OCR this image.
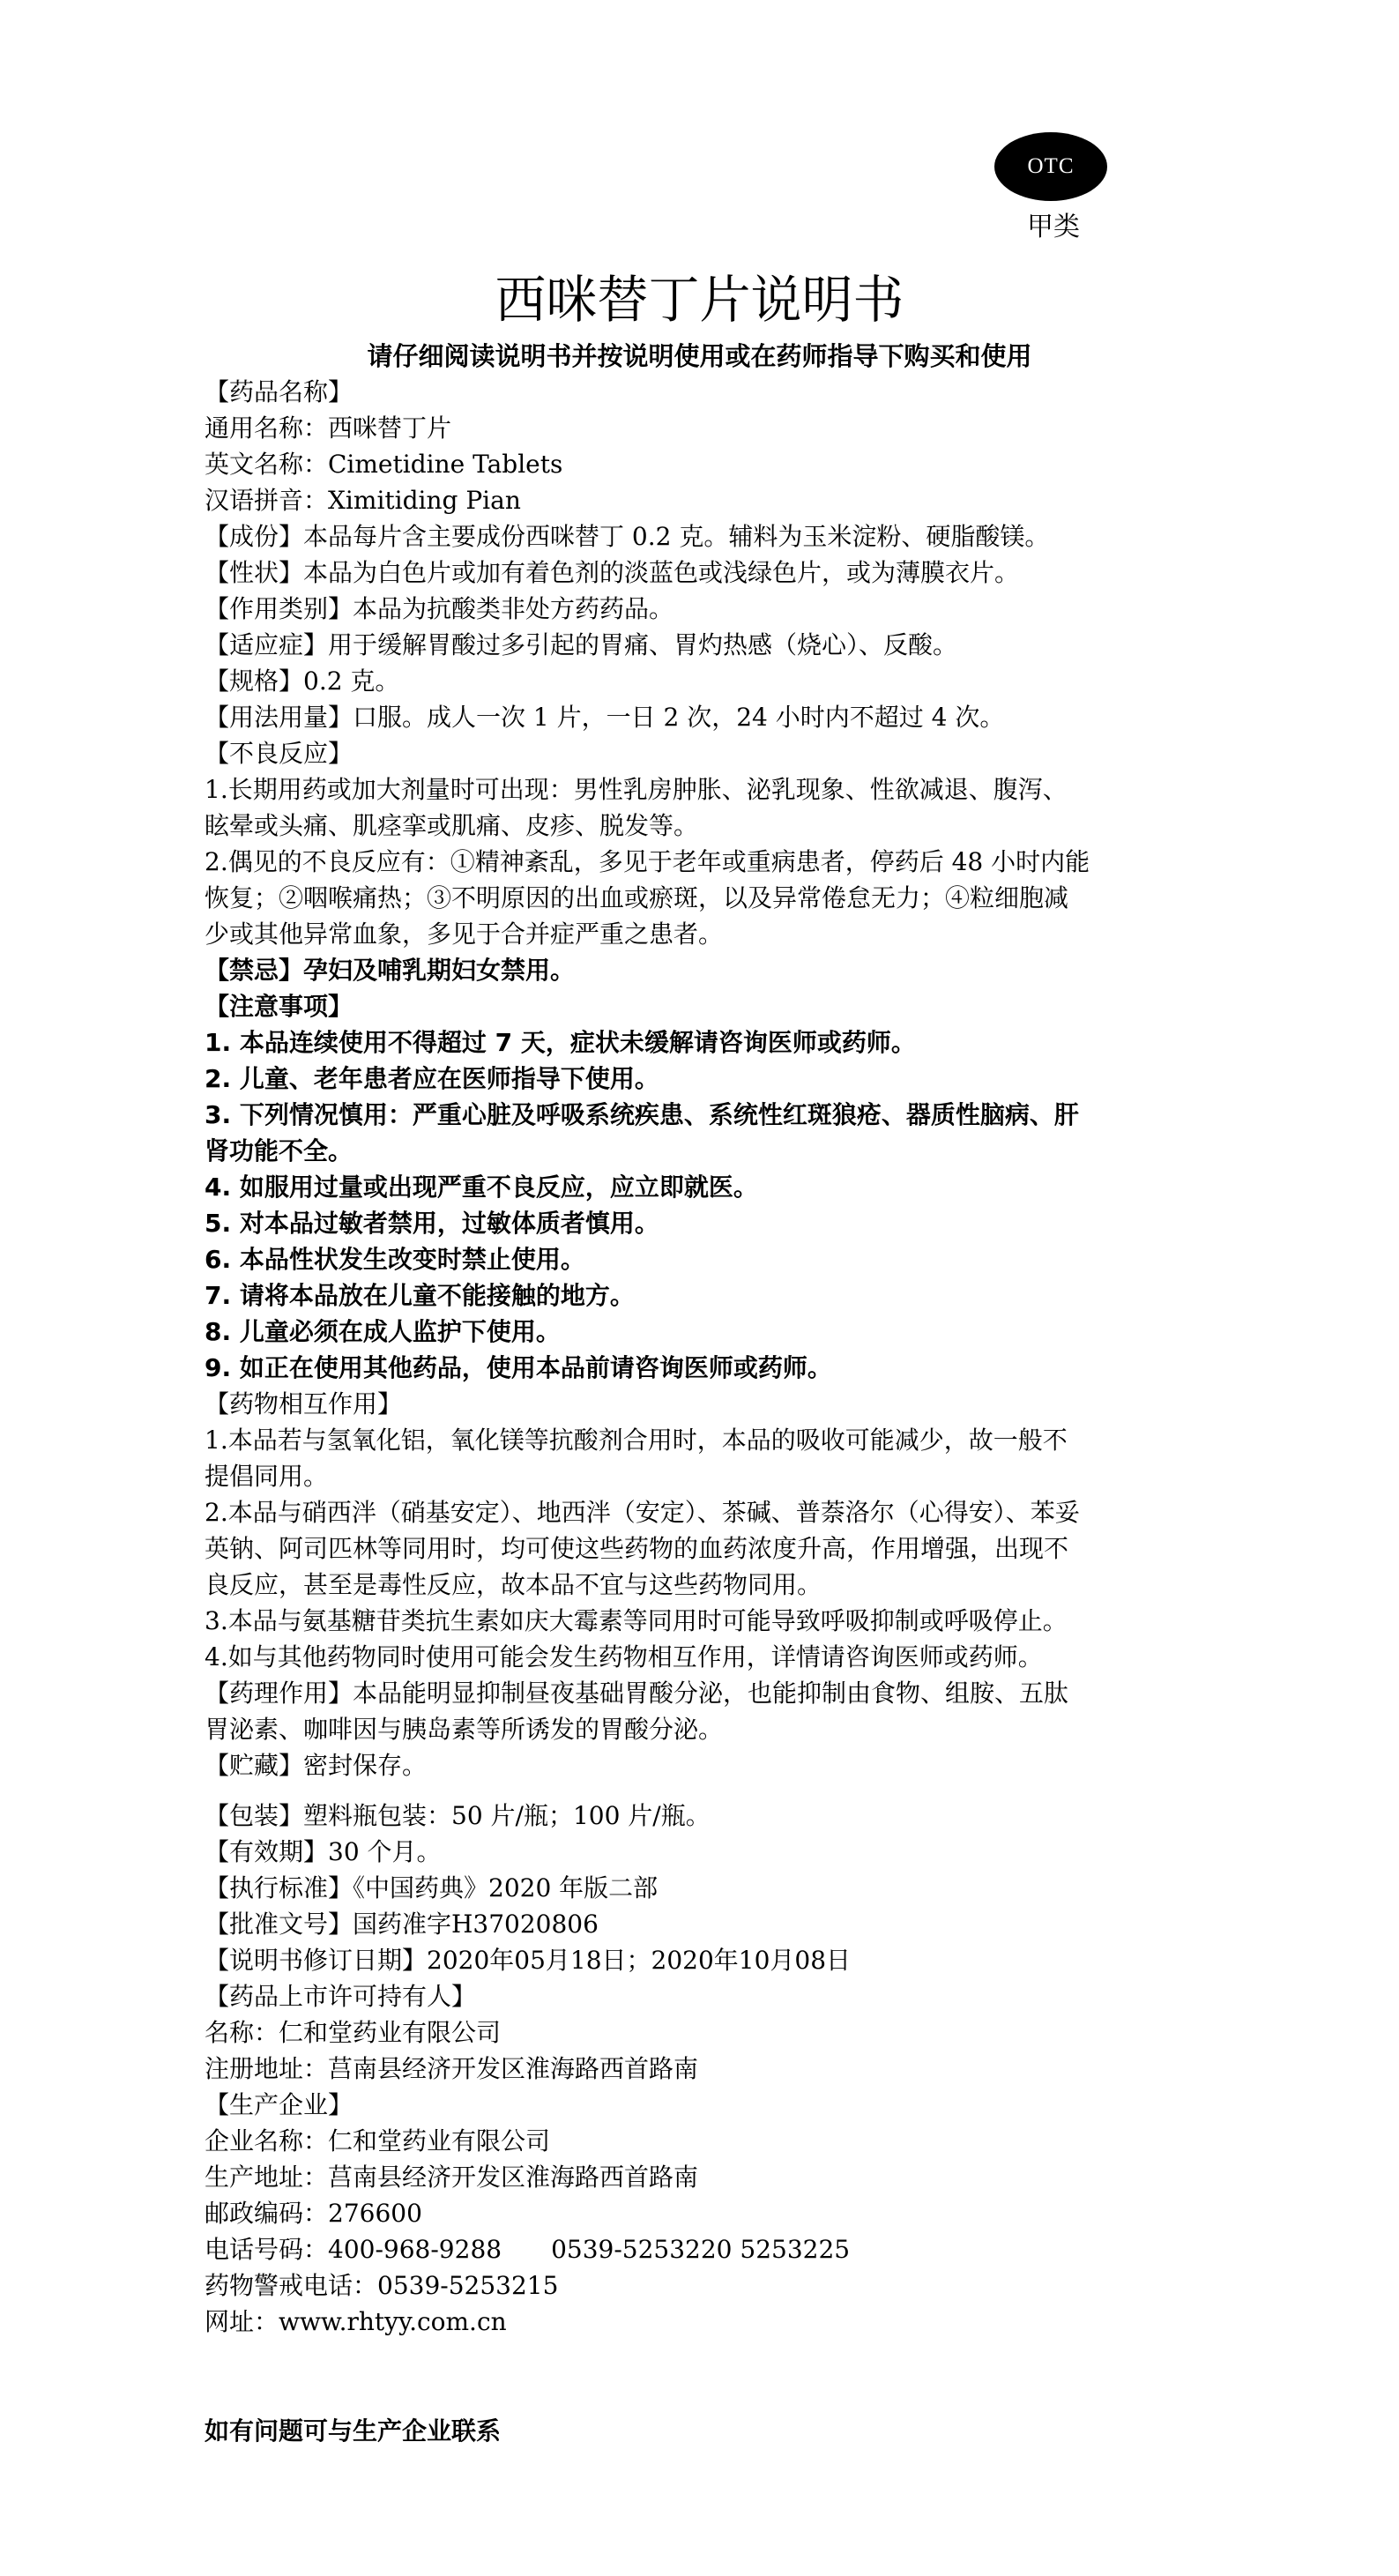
OTC
甲类
西咪替丁片说明书
请仔细阅读说明书并按说明使用或在药师指导下购买和使用

【药品名称】

通用名称：西咪替丁片

英文名称：Cimetidine Tablets

汉语拼音：Ximitiding Pian

【成份】本品每片含主要成份西咪替丁 0.2 克。辅料为玉米淀粉、硬脂酸镁。

【性状】本品为白色片或加有着色剂的淡蓝色或浅绿色片，或为薄膜衣片。

【作用类别】本品为抗酸类非处方药药品。

【适应症】用于缓解胃酸过多引起的胃痛、胃灼热感（烧心）、反酸。

【规格】0.2 克。

【用法用量】口服。成人一次 1 片，一日 2 次，24 小时内不超过 4 次。

【不良反应】

1.长期用药或加大剂量时可出现：男性乳房肿胀、泌乳现象、性欲减退、腹泻、

眩晕或头痛、肌痉挛或肌痛、皮疹、脱发等。

2.偶见的不良反应有：①精神紊乱，多见于老年或重病患者，停药后 48 小时内能

恢复；②咽喉痛热；③不明原因的出血或瘀斑，以及异常倦怠无力；④粒细胞减

少或其他异常血象，多见于合并症严重之患者。

【禁忌】孕妇及哺乳期妇女禁用。

【注意事项】

1. 本品连续使用不得超过 7 天，症状未缓解请咨询医师或药师。

2. 儿童、老年患者应在医师指导下使用。

3. 下列情况慎用：严重心脏及呼吸系统疾患、系统性红斑狼疮、器质性脑病、肝

肾功能不全。

4. 如服用过量或出现严重不良反应，应立即就医。

5. 对本品过敏者禁用，过敏体质者慎用。

6. 本品性状发生改变时禁止使用。

7. 请将本品放在儿童不能接触的地方。

8. 儿童必须在成人监护下使用。

9. 如正在使用其他药品，使用本品前请咨询医师或药师。

【药物相互作用】

1.本品若与氢氧化铝，氧化镁等抗酸剂合用时，本品的吸收可能减少，故一般不

提倡同用。

2.本品与硝西泮（硝基安定）、地西泮（安定）、茶碱、普萘洛尔（心得安）、苯妥

英钠、阿司匹林等同用时，均可使这些药物的血药浓度升高，作用增强，出现不

良反应，甚至是毒性反应，故本品不宜与这些药物同用。

3.本品与氨基糖苷类抗生素如庆大霉素等同用时可能导致呼吸抑制或呼吸停止。

4.如与其他药物同时使用可能会发生药物相互作用，详情请咨询医师或药师。

【药理作用】本品能明显抑制昼夜基础胃酸分泌，也能抑制由食物、组胺、五肽

胃泌素、咖啡因与胰岛素等所诱发的胃酸分泌。

【贮藏】密封保存。

【包装】塑料瓶包装：50 片/瓶；100 片/瓶。

【有效期】30 个月。

【执行标准】《中国药典》2020 年版二部

【批准文号】国药准字H37020806

【说明书修订日期】2020年05月18日；2020年10月08日

【药品上市许可持有人】

名称：仁和堂药业有限公司

注册地址：莒南县经济开发区淮海路西首路南

【生产企业】

企业名称：仁和堂药业有限公司

生产地址：莒南县经济开发区淮海路西首路南

邮政编码：276600

电话号码：400-968-9288　　0539-5253220 5253225

药物警戒电话：0539-5253215

网址：www.rhtyy.com.cn

如有问题可与生产企业联系
